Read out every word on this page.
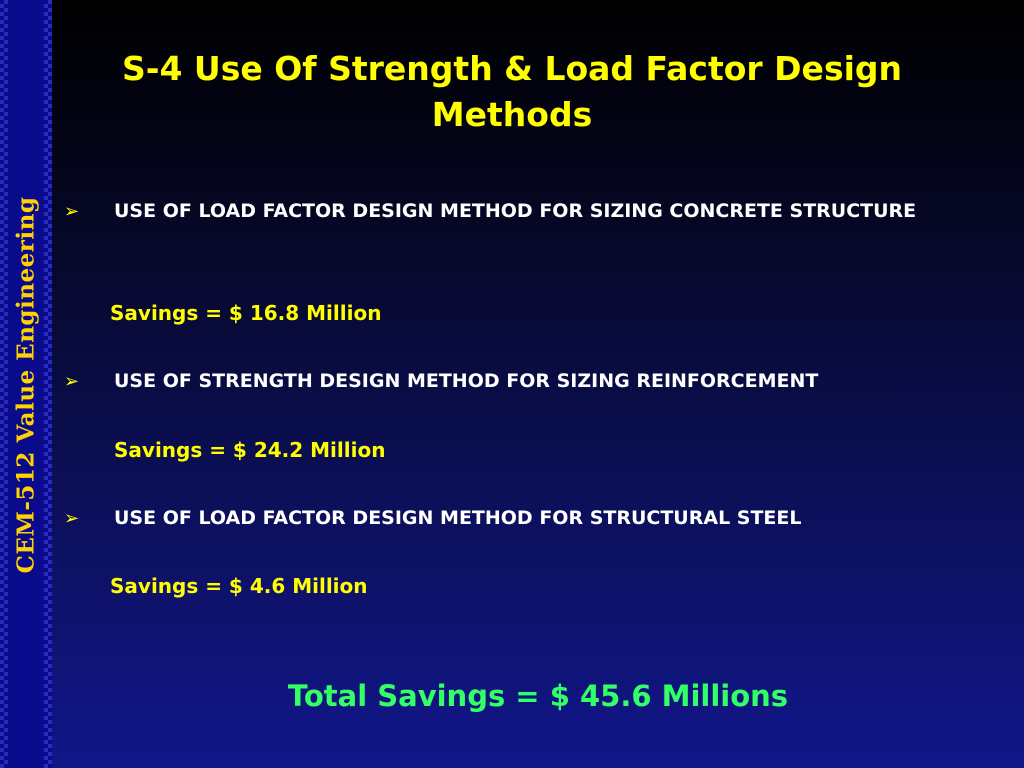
CEM-512 Value Engineering
S-4 Use Of Strength & Load Factor Design Methods
➢ USE OF LOAD FACTOR DESIGN METHOD FOR SIZING CONCRETE STRUCTURE
Savings = $ 16.8 Million
➢ USE OF STRENGTH DESIGN METHOD FOR SIZING REINFORCEMENT
Savings = $ 24.2 Million
➢ USE OF LOAD FACTOR DESIGN METHOD FOR STRUCTURAL STEEL
Savings = $ 4.6 Million
Total Savings = $ 45.6 Millions
